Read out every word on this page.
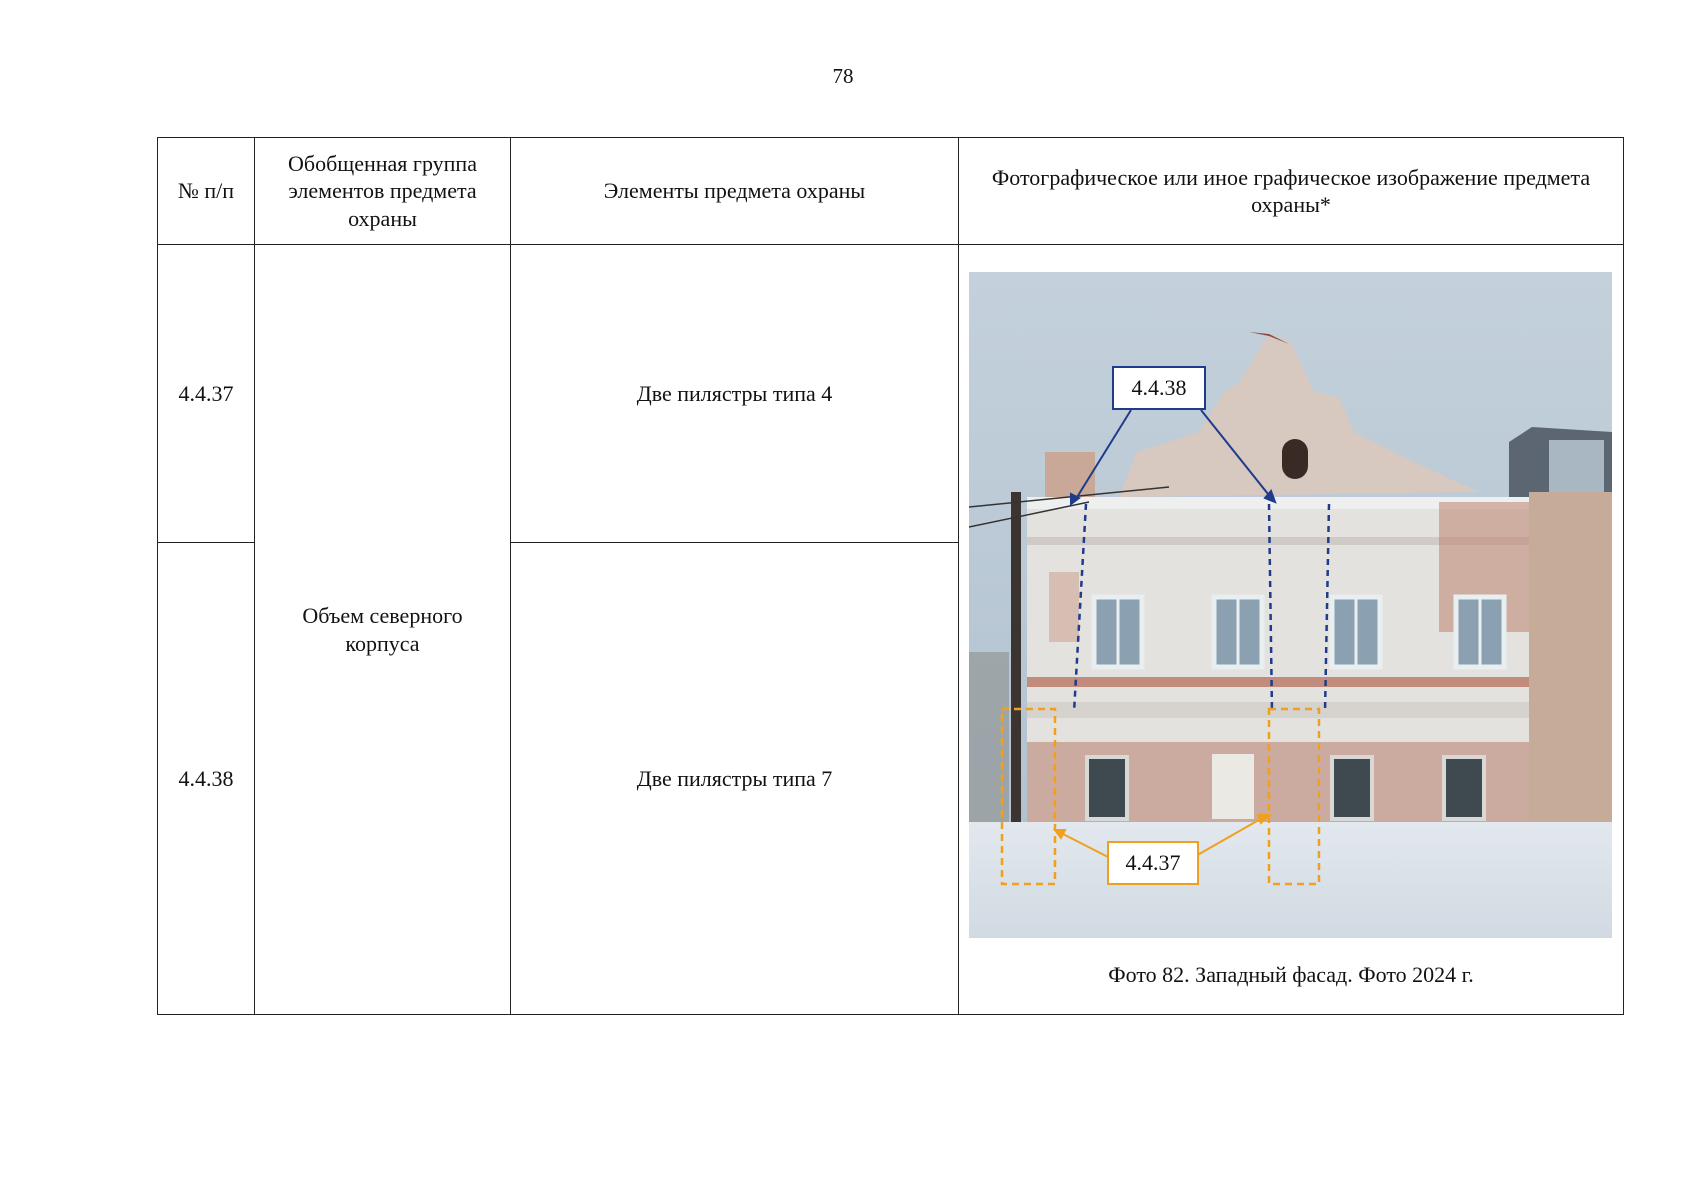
78
№ п/п	Обобщенная группа элементов предмета охраны	Элементы предмета охраны	Фотографическое или иное графическое изображение предмета охраны*
4.4.37	Объем северного корпуса	Две пилястры типа 4	4.4.38
4.4.37
Фото 82. Западный фасад. Фото 2024 г.

4.4.38		Две пилястры типа 7	
